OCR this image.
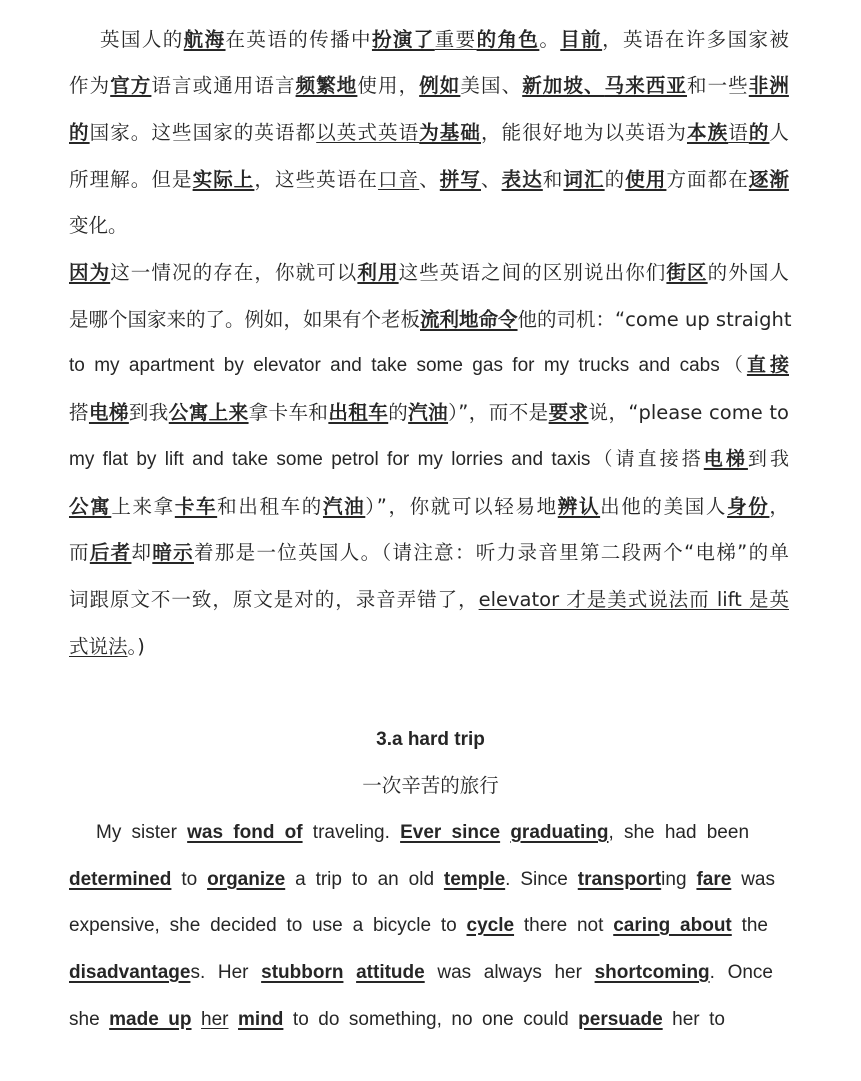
英国人的航海在英语的传播中扮演了重要的角色。目前，英语在许多国家被
作为官方语言或通用语言频繁地使用，例如美国、新加坡、马来西亚和一些非洲
的国家。这些国家的英语都以英式英语为基础，能很好地为以英语为本族语的人
所理解。但是实际上，这些英语在口音、拼写、表达和词汇的使用方面都在逐渐
变化。
因为这一情况的存在，你就可以利用这些英语之间的区别说出你们街区的外国人
是哪个国家来的了。例如，如果有个老板流利地命令他的司机：“come up straight
to my apartment by elevator and take some gas for my trucks and cabs（直接
搭电梯到我公寓上来拿卡车和出租车的汽油）”，而不是要求说，“please come to
my flat by lift and take some petrol for my lorries and taxis（请直接搭电梯到我
公寓上来拿卡车和出租车的汽油）”，你就可以轻易地辨认出他的美国人身份，
而后者却暗示着那是一位英国人。（请注意：听力录音里第二段两个“电梯”的单
词跟原文不一致，原文是对的，录音弄错了，elevator 才是美式说法而 lift 是英
式说法。)
3.a hard trip
一次辛苦的旅行
My sister was fond of traveling. Ever since graduating, she had been
determined to organize a trip to an old temple. Since transporting fare was
expensive, she decided to use a bicycle to cycle there not caring about the
disadvantages. Her stubborn attitude was always her shortcoming. Once
she made up her mind to do something, no one could persuade her to
